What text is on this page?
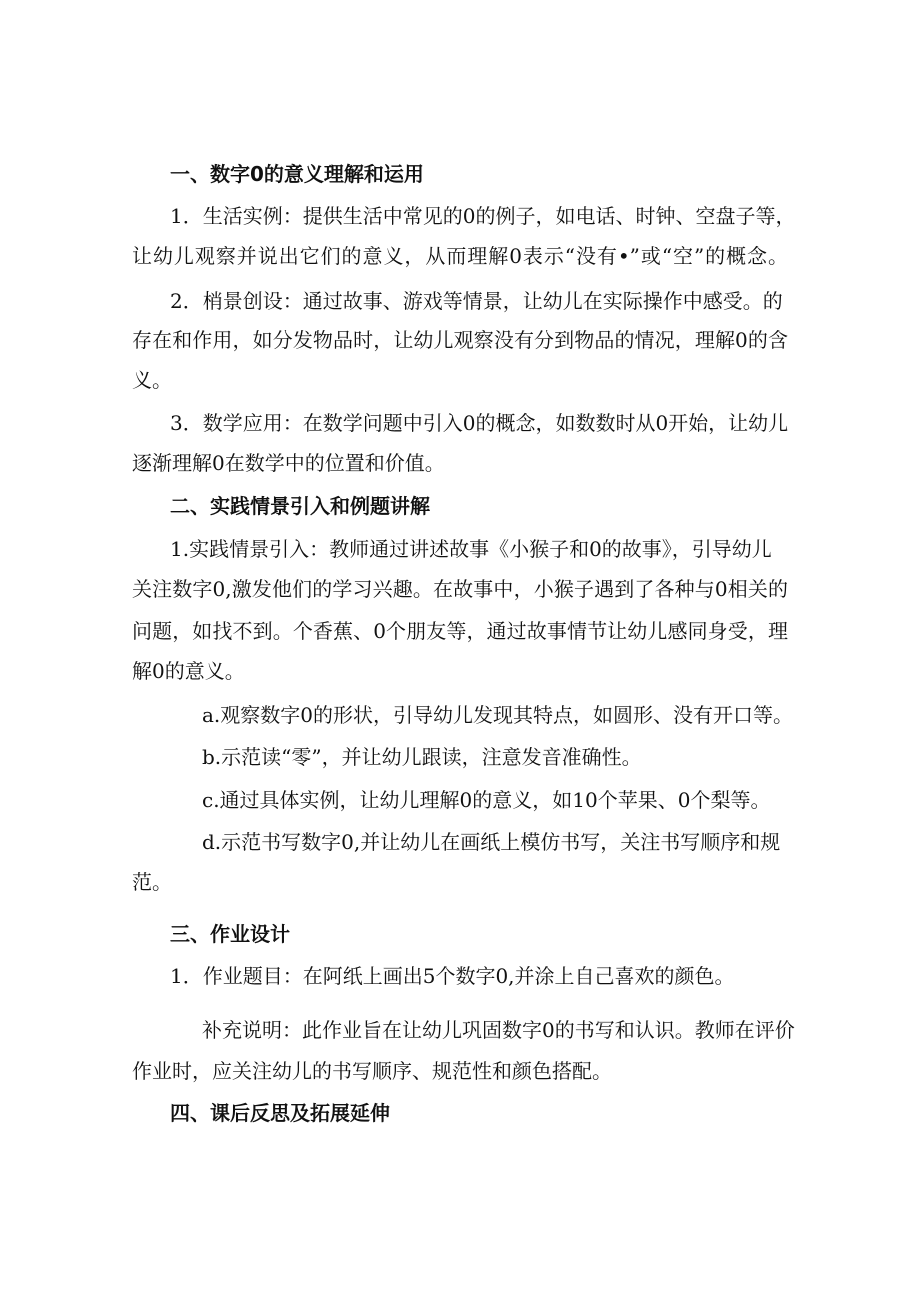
一、数字0的意义理解和运用
1．生活实例：提供生活中常见的0的例子，如电话、时钟、空盘子等，
让幼儿观察并说出它们的意义，从而理解0表示“没有•”或“空”的概念。
2．梢景创设：通过故事、游戏等情景，让幼儿在实际操作中感受。的
存在和作用，如分发物品时，让幼儿观察没有分到物品的情况，理解0的含
义。
3．数学应用：在数学问题中引入0的概念，如数数时从0开始，让幼儿
逐渐理解0在数学中的位置和价值。
二、实践情景引入和例题讲解
1.实践情景引入：教师通过讲述故事《小猴子和0的故事》，引导幼儿
关注数字0,激发他们的学习兴趣。在故事中，小猴子遇到了各种与0相关的
问题，如找不到。个香蕉、0个朋友等，通过故事情节让幼儿感同身受，理
解0的意义。
a.观察数字0的形状，引导幼儿发现其特点，如圆形、没有开口等。
b.示范读“零”，并让幼儿跟读，注意发音准确性。
c.通过具体实例，让幼儿理解0的意义，如10个苹果、0个梨等。
d.示范书写数字0,并让幼儿在画纸上模仿书写，关注书写顺序和规
范。
三、作业设计
1．作业题目：在阿纸上画出5个数字0,并涂上自己喜欢的颜色。
补充说明：此作业旨在让幼儿巩固数字0的书写和认识。教师在评价
作业时，应关注幼儿的书写顺序、规范性和颜色搭配。
四、课后反思及拓展延伸
